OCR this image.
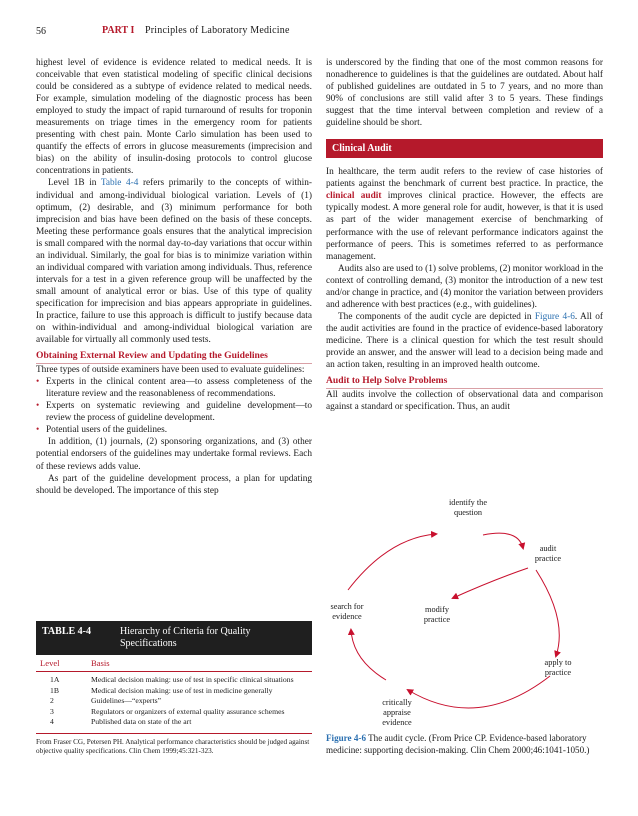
56	PART I Principles of Laboratory Medicine

highest level of evidence is evidence related to medical needs. It is conceivable that even statistical modeling of specific clinical decisions could be considered as a subtype of evidence related to medical needs. For example, simulation modeling of the diagnostic process has been employed to study the impact of rapid turnaround of results for troponin measurements on triage times in the emergency room for patients presenting with chest pain. Monte Carlo simulation has been used to quantify the effects of errors in glucose measurements (imprecision and bias) on the ability of insulin-dosing protocols to control glucose concentrations in patients.

Level 1B in Table 4-4 refers primarily to the concepts of within-individual and among-individual biological variation. Levels of (1) optimum, (2) desirable, and (3) minimum performance for both imprecision and bias have been defined on the basis of these concepts. Meeting these performance goals ensures that the analytical imprecision is small compared with the normal day-to-day variations that occur within an individual. Similarly, the goal for bias is to minimize variation within an individual compared with variation among individuals. Thus, reference intervals for a test in a given reference group will be unaffected by the small amount of analytical error or bias. Use of this type of quality specification for imprecision and bias appears appropriate in guidelines. In practice, failure to use this approach is difficult to justify because data on within-individual and among-individual biological variation are available for virtually all commonly used tests.

Obtaining External Review and Updating the Guidelines

Three types of outside examiners have been used to evaluate guidelines:

• Experts in the clinical content area—to assess completeness of the literature review and the reasonableness of recommendations.
• Experts on systematic reviewing and guideline development—to review the process of guideline development.
• Potential users of the guidelines.

In addition, (1) journals, (2) sponsoring organizations, and (3) other potential endorsers of the guidelines may undertake formal reviews. Each of these reviews adds value.

As part of the guideline development process, a plan for updating should be developed. The importance of this step

is underscored by the finding that one of the most common reasons for nonadherence to guidelines is that the guidelines are outdated. About half of published guidelines are outdated in 5 to 7 years, and no more than 90% of conclusions are still valid after 3 to 5 years. These findings suggest that the time interval between completion and review of a guideline should be short.

Clinical Audit

In healthcare, the term audit refers to the review of case histories of patients against the benchmark of current best practice. In practice, the clinical audit improves clinical practice. However, the effects are typically modest. A more general role for audit, however, is that it is used as part of the wider management exercise of benchmarking of performance with the use of relevant performance indicators against the performance of peers. This is sometimes referred to as performance management.

Audits also are used to (1) solve problems, (2) monitor workload in the context of controlling demand, (3) monitor the introduction of a new test and/or change in practice, and (4) monitor the variation between providers and adherence with best practices (e.g., with guidelines).

The components of the audit cycle are depicted in Figure 4-6. All of the audit activities are found in the practice of evidence-based laboratory medicine. There is a clinical question for which the test result should provide an answer, and the answer will lead to a decision being made and an action taken, resulting in an improved health outcome.

Audit to Help Solve Problems

All audits involve the collection of observational data and comparison against a standard or specification. Thus, an audit

TABLE 4-4	Hierarchy of Criteria for Quality Specifications
Level	Basis
1A	Medical decision making: use of test in specific clinical situations
1B	Medical decision making: use of test in medicine generally
2	Guidelines—“experts”
3	Regulators or organizers of external quality assurance schemes
4	Published data on state of the art
From Fraser CG, Petersen PH. Analytical performance characteristics should be judged against objective quality specifications. Clin Chem 1999;45:321-323.
identify the question
audit practice
search for evidence
modify practice
apply to practice
critically appraise evidence
Figure 4-6 The audit cycle. (From Price CP. Evidence-based laboratory medicine: supporting decision-making. Clin Chem 2000;46:1041-1050.)
